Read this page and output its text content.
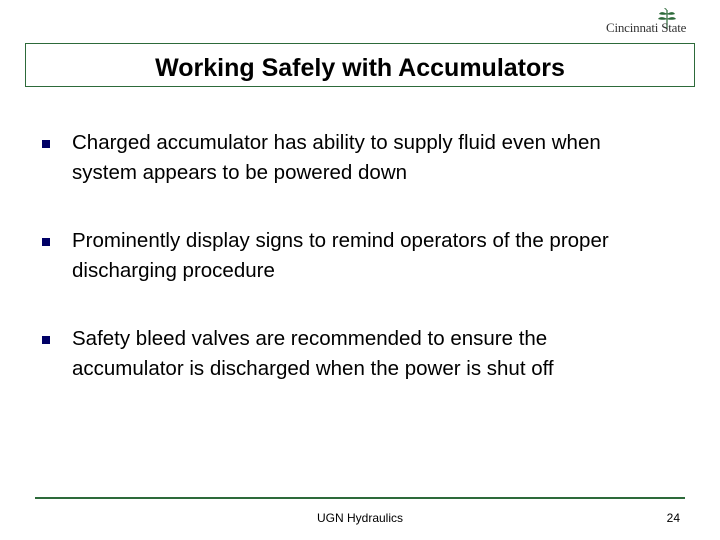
Cincinnati State
Working Safely with Accumulators
Charged accumulator has ability to supply fluid even when system appears to be powered down
Prominently display signs to remind operators of the proper discharging procedure
Safety bleed valves are recommended to ensure the accumulator is discharged when the power is shut off
UGN Hydraulics	24
